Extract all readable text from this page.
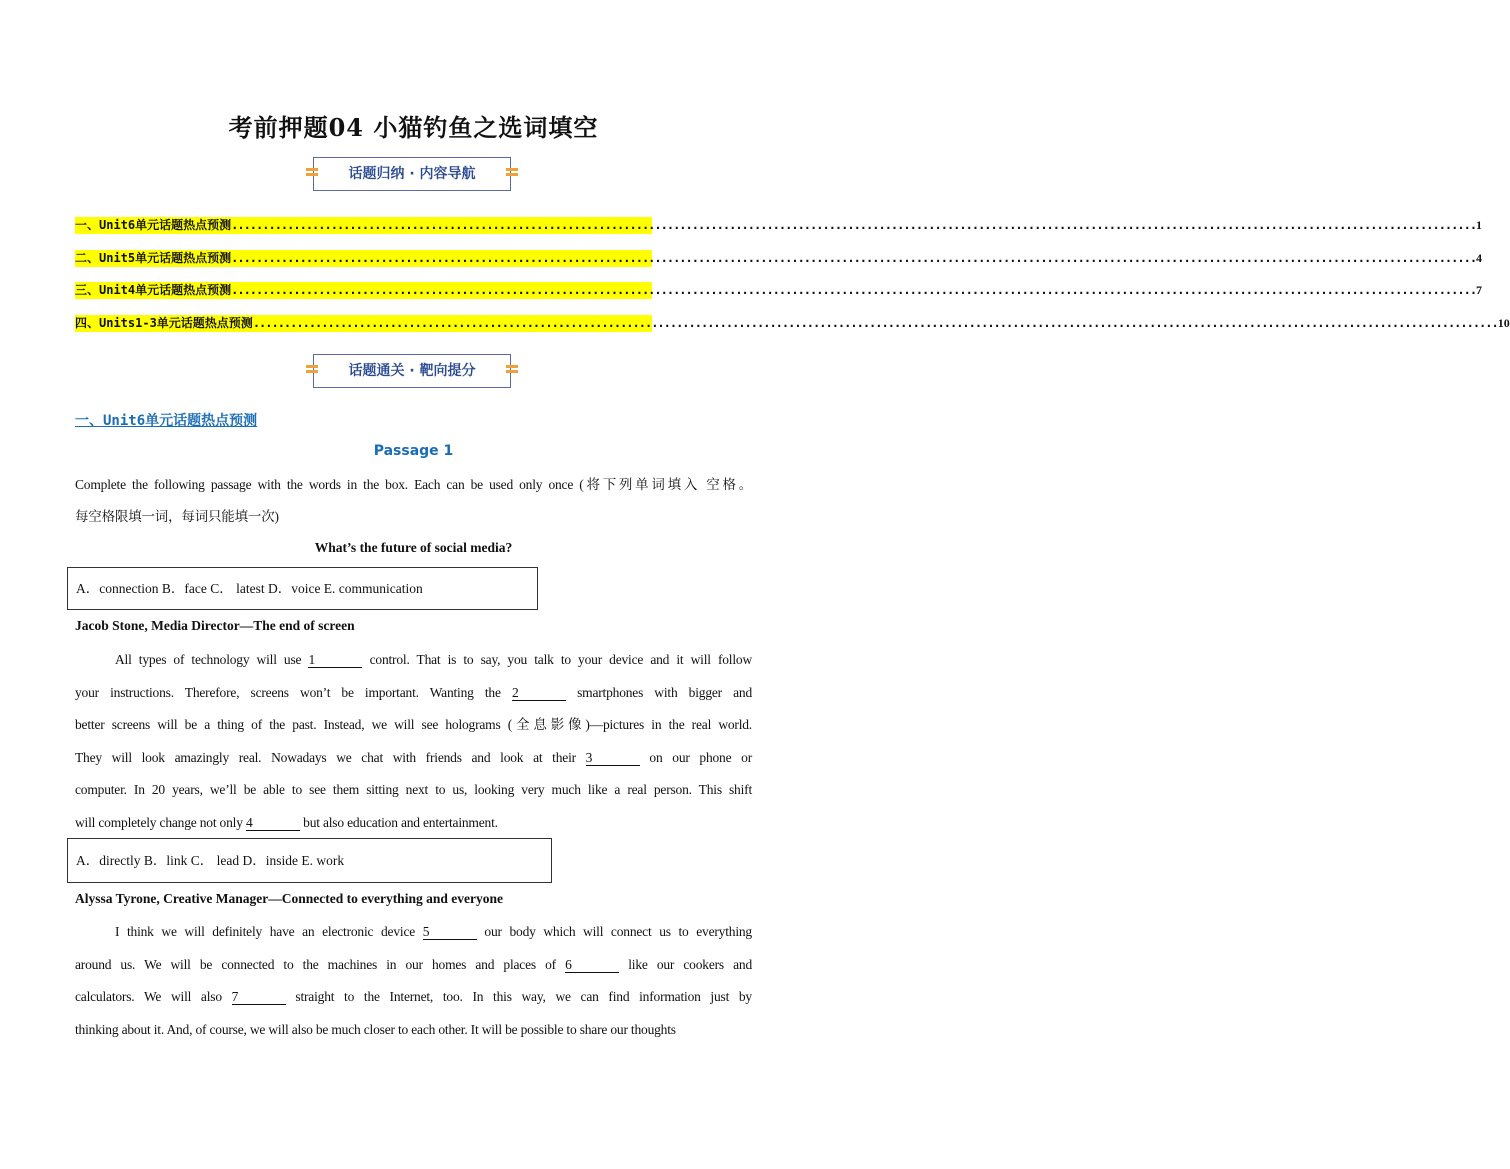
考前押题04 小猫钓鱼之选词填空
话题归纳 · 内容导航
话题通关 · 靶向提分
一、Unit6单元话题热点预测
Passage 1
Complete the following passage with the words in the box. Each can be used only once (将下列单词填入 空格。
每空格限填一词，每词只能填一次)
What’s the future of social media?
A．connection B．face C． latest D．voice E. communication
Jacob Stone, Media Director—The end of screen
A．directly B．link C． lead D．inside E. work
Alyssa Tyrone, Creative Manager—Connected to everything and everyone
一、Unit6单元话题热点预测 ........................................................................................................................................................................................................ 1
二、Unit5单元话题热点预测 ........................................................................................................................................................................................................ 4
三、Unit4单元话题热点预测 ........................................................................................................................................................................................................ 7
四、Units1-3单元话题热点预测 ........................................................................................................................................................................................................ 10
All types of technology will use 1	control. That is to say, you talk to your device and it will follow
your instructions. Therefore, screens won’t be important. Wanting the 2	smartphones with bigger and
better screens will be a thing of the past. Instead, we will see holograms (全息影像)—pictures in the real world.
They will look amazingly real. Nowadays we chat with friends and look at their 3	on our phone or
computer. In 20 years, we’ll be able to see them sitting next to us, looking very much like a real person. This shift
will completely change not only 4	but also education and entertainment.
I think we will definitely have an electronic device 5	our body which will connect us to everything
around us. We will be connected to the machines in our homes and places of 6	like our cookers and
calculators. We will also 7	straight to the Internet, too. In this way, we can find information just by
thinking about it. And, of course, we will also be much closer to each other. It will be possible to share our thoughts
